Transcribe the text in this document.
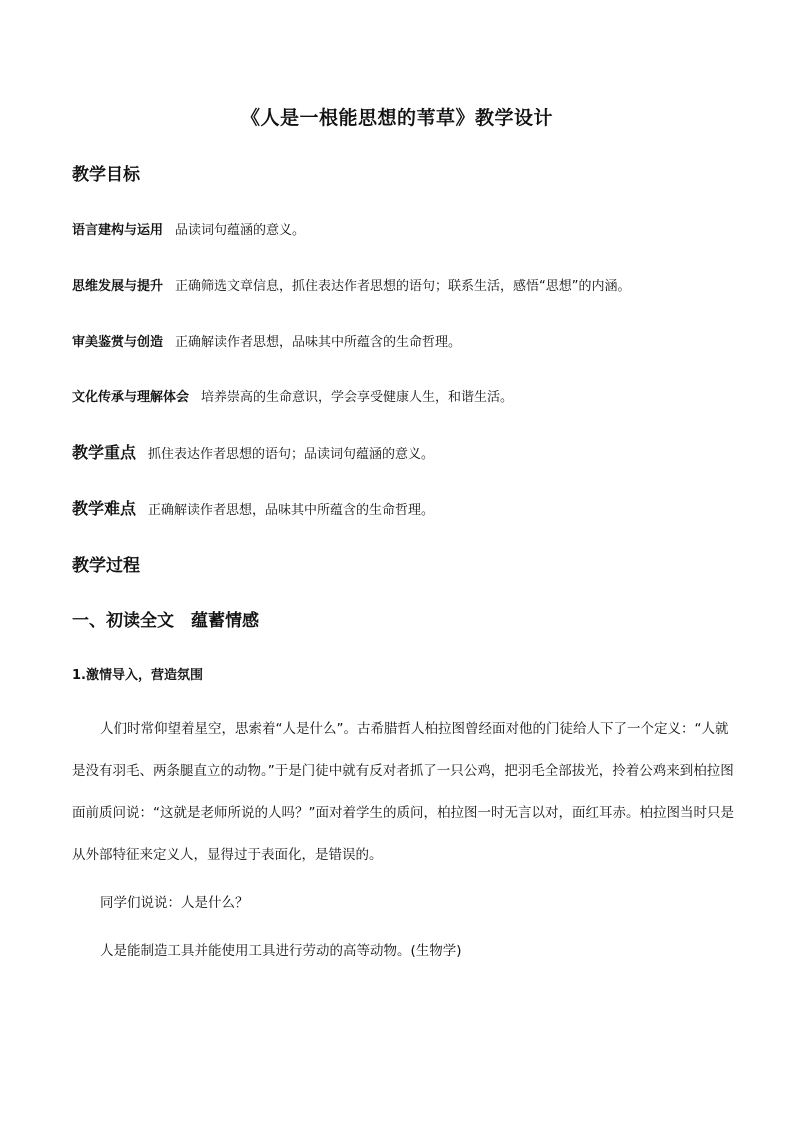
《人是一根能思想的苇草》教学设计
教学目标
语言建构与运用 品读词句蕴涵的意义。
思维发展与提升 正确筛选文章信息，抓住表达作者思想的语句；联系生活，感悟“思想”的内涵。
审美鉴赏与创造 正确解读作者思想，品味其中所蕴含的生命哲理。
文化传承与理解体会 培养崇高的生命意识，学会享受健康人生，和谐生活。
教学重点 抓住表达作者思想的语句；品读词句蕴涵的意义。
教学难点 正确解读作者思想，品味其中所蕴含的生命哲理。
教学过程
一、初读全文　蕴蓄情感
1.激情导入，营造氛围

人们时常仰望着星空，思索着“人是什么”。古希腊哲人柏拉图曾经面对他的门徒给人下了一个定义：“人就是没有羽毛、两条腿直立的动物。”于是门徒中就有反对者抓了一只公鸡，把羽毛全部拔光，拎着公鸡来到柏拉图面前质问说：“这就是老师所说的人吗？”面对着学生的质问，柏拉图一时无言以对，面红耳赤。柏拉图当时只是从外部特征来定义人，显得过于表面化，是错误的。

同学们说说：人是什么？

人是能制造工具并能使用工具进行劳动的高等动物。(生物学)
